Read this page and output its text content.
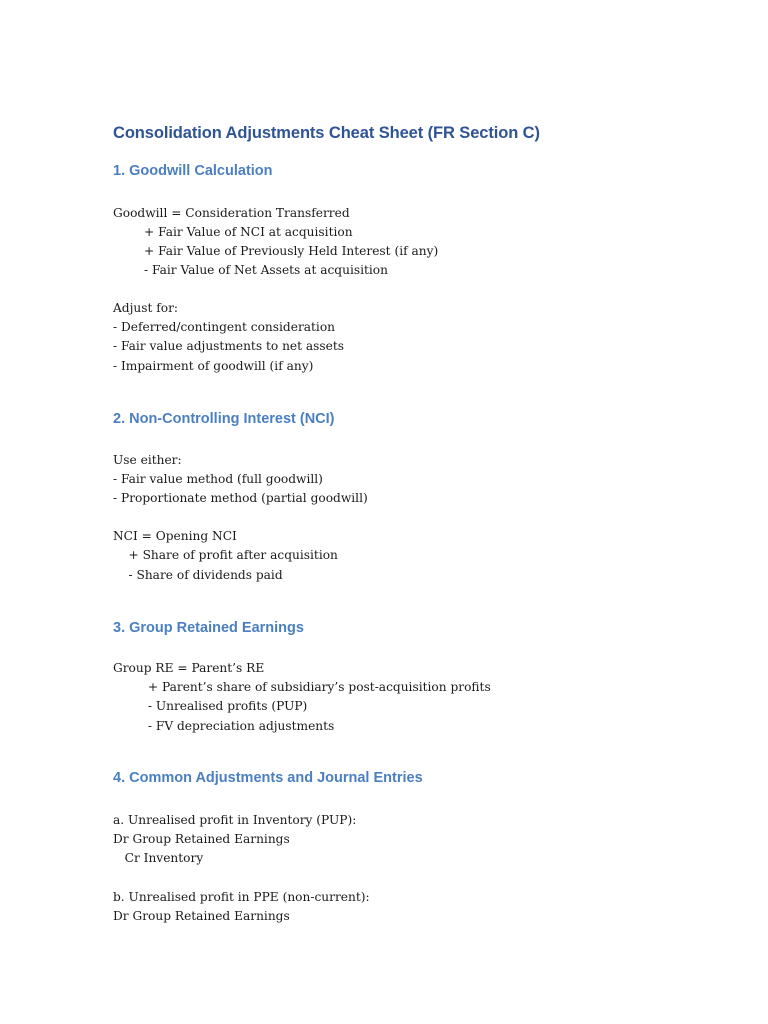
Consolidation Adjustments Cheat Sheet (FR Section C)
1. Goodwill Calculation
Goodwill = Consideration Transferred
+ Fair Value of NCI at acquisition
+ Fair Value of Previously Held Interest (if any)
- Fair Value of Net Assets at acquisition
Adjust for:
- Deferred/contingent consideration
- Fair value adjustments to net assets
- Impairment of goodwill (if any)
2. Non-Controlling Interest (NCI)
Use either:
- Fair value method (full goodwill)
- Proportionate method (partial goodwill)
NCI = Opening NCI
+ Share of profit after acquisition
- Share of dividends paid
3. Group Retained Earnings
Group RE = Parent’s RE
+ Parent’s share of subsidiary’s post-acquisition profits
- Unrealised profits (PUP)
- FV depreciation adjustments
4. Common Adjustments and Journal Entries
a. Unrealised profit in Inventory (PUP):
Dr Group Retained Earnings
Cr Inventory
b. Unrealised profit in PPE (non-current):
Dr Group Retained Earnings
